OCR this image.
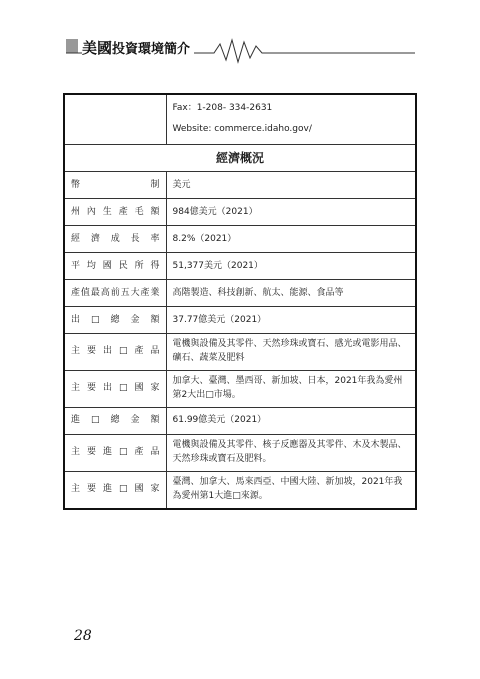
美國投資環境簡介

	Fax：1-208- 334-2631
Website: commerce.idaho.gov/

經濟概況	
幣制	美元
州內生產毛額	984億美元（2021）
經濟成長率	8.2%（2021）
平均國民所得	51,377美元（2021）
產值最高前五大產業	高階製造、科技創新、航太、能源、食品等
出□總金額	37.77億美元（2021）
主要出□產品	電機與設備及其零件、天然珍珠或寶石、感光或電影用品、礦石、蔬菜及肥料
主要出□國家	加拿大、臺灣、墨西哥、新加坡、日本，2021年我為愛州第2大出□市場。
進□總金額	61.99億美元（2021）
主要進□產品	電機與設備及其零件、核子反應器及其零件、木及木製品、天然珍珠或寶石及肥料。
主要進□國家	臺灣、加拿大、馬來西亞、中國大陸、新加坡，2021年我為愛州第1大進□來源。
28
